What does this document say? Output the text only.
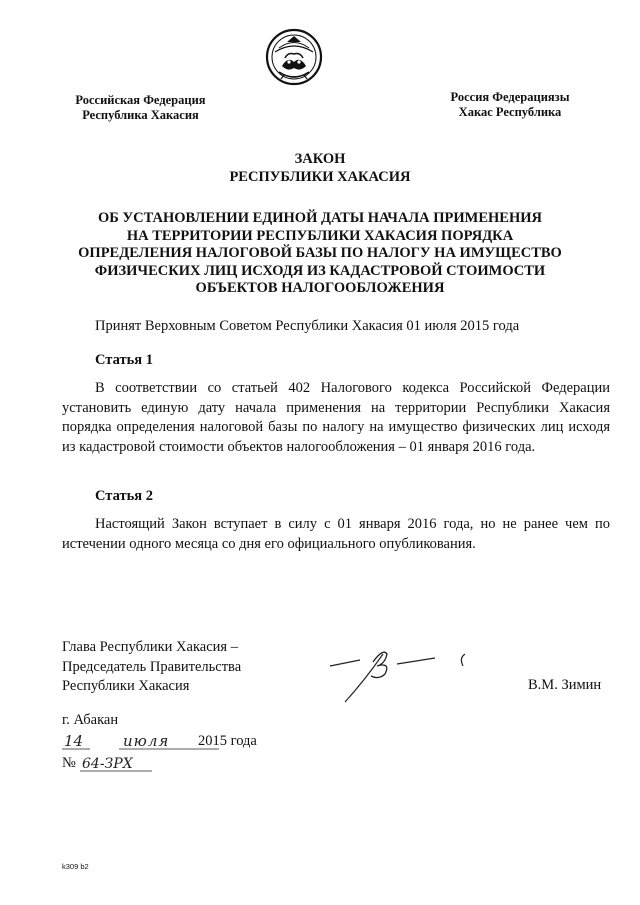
Российская Федерация
Республика Хакасия
Россия Федерациязы
Хакас Республика
ЗАКОН
РЕСПУБЛИКИ ХАКАСИЯ
ОБ УСТАНОВЛЕНИИ ЕДИНОЙ ДАТЫ НАЧАЛА ПРИМЕНЕНИЯ
НА ТЕРРИТОРИИ РЕСПУБЛИКИ ХАКАСИЯ ПОРЯДКА
ОПРЕДЕЛЕНИЯ НАЛОГОВОЙ БАЗЫ ПО НАЛОГУ НА ИМУЩЕСТВО
ФИЗИЧЕСКИХ ЛИЦ ИСХОДЯ ИЗ КАДАСТРОВОЙ СТОИМОСТИ
ОБЪЕКТОВ НАЛОГООБЛОЖЕНИЯ
Принят Верховным Советом Республики Хакасия 01 июля 2015 года
Статья 1
В соответствии со статьей 402 Налогового кодекса Российской Федерации установить единую дату начала применения на территории Республики Хакасия порядка определения налоговой базы по налогу на имущество физических лиц исходя из кадастровой стоимости объектов налогообложения – 01 января 2016 года.
Статья 2
Настоящий Закон вступает в силу с 01 января 2016 года, но не ранее чем по истечении одного месяца со дня его официального опубликования.
Глава Республики Хакасия –
Председатель Правительства
Республики Хакасия	В.М. Зимин
г. Абакан
14	июля 2015 года
№ 64-ЗРХ
k309 b2
